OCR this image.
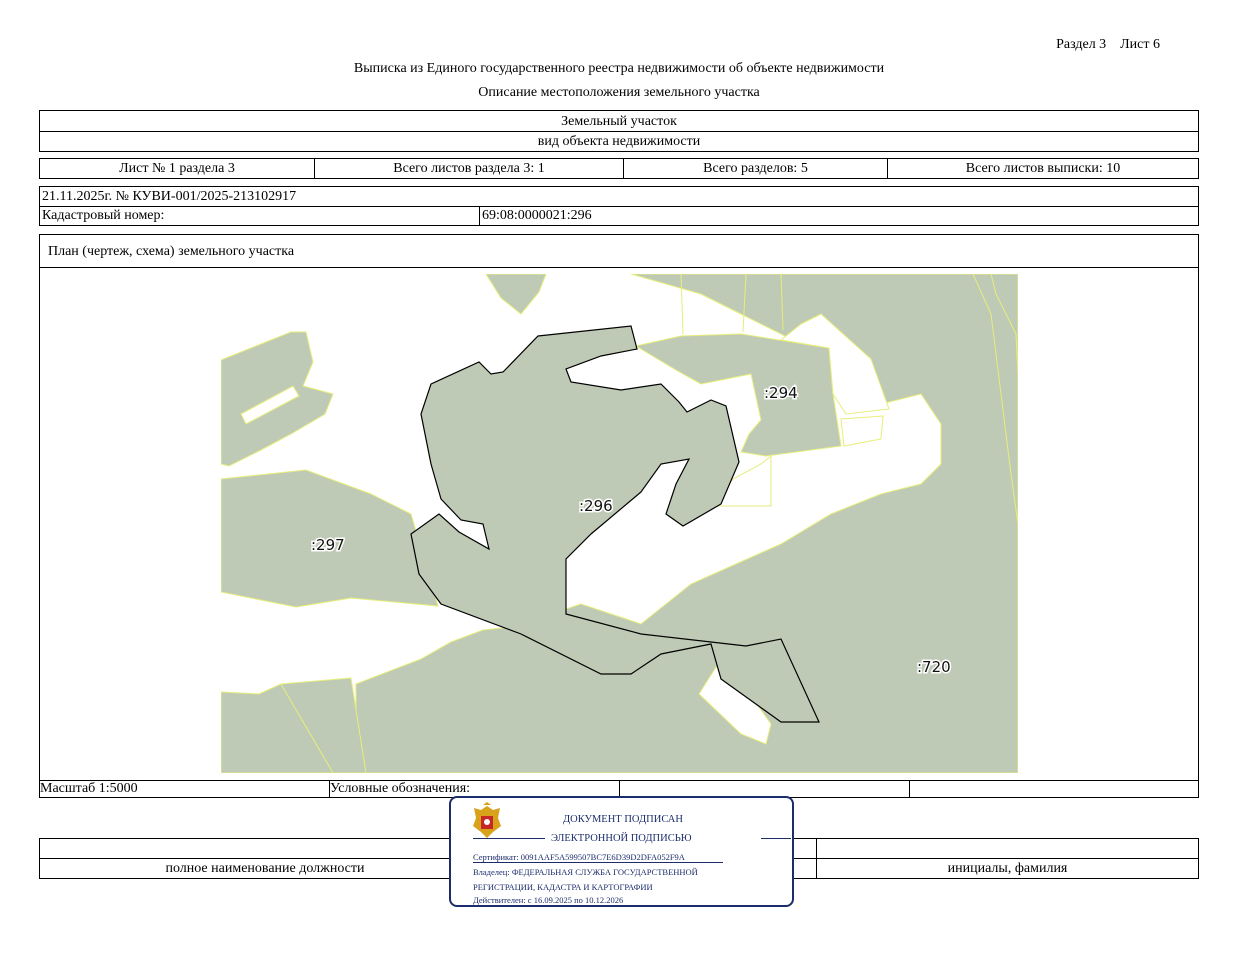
Раздел 3    Лист 6
Выписка из Единого государственного реестра недвижимости об объекте недвижимости
Описание местоположения земельного участка
Земельный участок
вид объекта недвижимости
Лист № 1 раздела 3	Всего листов раздела 3: 1	Всего разделов: 5	Всего листов выписки: 10
21.11.2025г. № КУВИ-001/2025-213102917
Кадастровый номер:	69:08:0000021:296
План (чертеж, схема) земельного участка
Масштаб 1:5000	Условные обозначения:
:294
:296
:297
:720
полное наименование должности	инициалы, фамилия
ДОКУМЕНТ ПОДПИСАН
ЭЛЕКТРОННОЙ ПОДПИСЬЮ
Сертификат: 0091AAF5A599507BC7E6D39D2DFA052F9A
Владелец: ФЕДЕРАЛЬНАЯ СЛУЖБА ГОСУДАРСТВЕННОЙ
РЕГИСТРАЦИИ, КАДАСТРА И КАРТОГРАФИИ
Действителен: с 16.09.2025 по 10.12.2026
